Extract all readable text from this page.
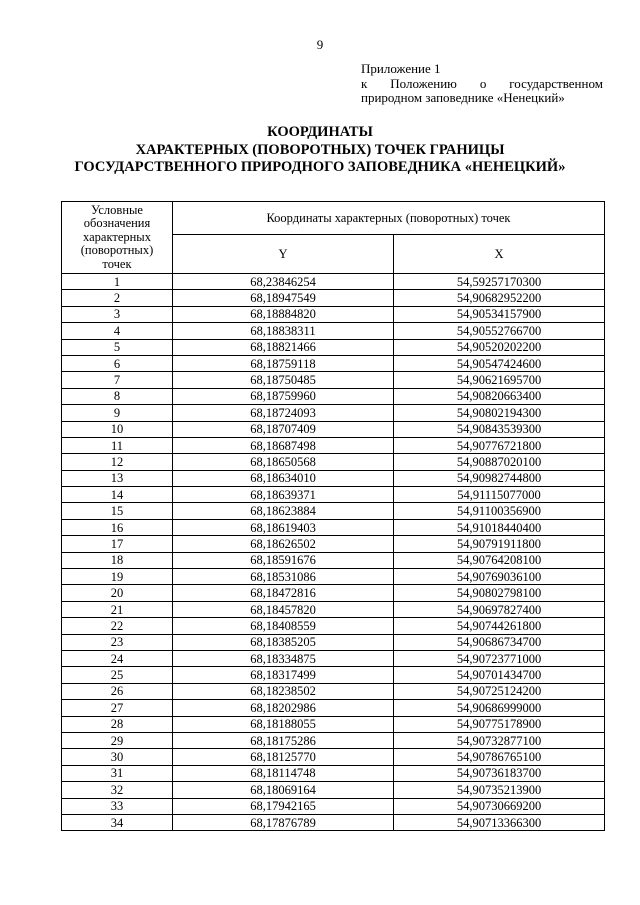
9
Приложение 1
к Положению о государственном
природном заповеднике «Ненецкий»
КООРДИНАТЫ
ХАРАКТЕРНЫХ (ПОВОРОТНЫХ) ТОЧЕК ГРАНИЦЫ
ГОСУДАРСТВЕННОГО ПРИРОДНОГО ЗАПОВЕДНИКА «НЕНЕЦКИЙ»
Условные
обозначения
характерных
(поворотных)
точек	Координаты характерных (поворотных) точек	
	Y	X
1	68,23846254	54,59257170300
2	68,18947549	54,90682952200
3	68,18884820	54,90534157900
4	68,18838311	54,90552766700
5	68,18821466	54,90520202200
6	68,18759118	54,90547424600
7	68,18750485	54,90621695700
8	68,18759960	54,90820663400
9	68,18724093	54,90802194300
10	68,18707409	54,90843539300
11	68,18687498	54,90776721800
12	68,18650568	54,90887020100
13	68,18634010	54,90982744800
14	68,18639371	54,91115077000
15	68,18623884	54,91100356900
16	68,18619403	54,91018440400
17	68,18626502	54,90791911800
18	68,18591676	54,90764208100
19	68,18531086	54,90769036100
20	68,18472816	54,90802798100
21	68,18457820	54,90697827400
22	68,18408559	54,90744261800
23	68,18385205	54,90686734700
24	68,18334875	54,90723771000
25	68,18317499	54,90701434700
26	68,18238502	54,90725124200
27	68,18202986	54,90686999000
28	68,18188055	54,90775178900
29	68,18175286	54,90732877100
30	68,18125770	54,90786765100
31	68,18114748	54,90736183700
32	68,18069164	54,90735213900
33	68,17942165	54,90730669200
34	68,17876789	54,90713366300
